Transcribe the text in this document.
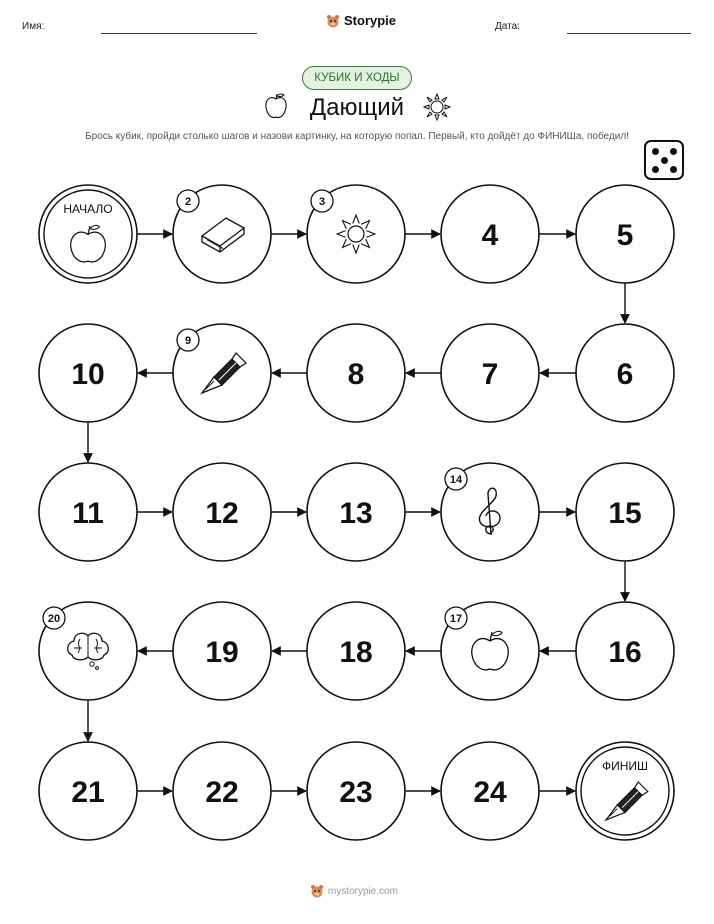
Имя:	Storypie	Дата:
КУБИК И ХОДЫ
Дающий
Брось кубик, пройди столько шагов и назови картинку, на которую попал. Первый, кто дойдёт до ФИНИШа, победил!
НАЧАЛО	2	3
4	5
6
7
8
9
10
11	12	13
14
15
16
17
18
19
20
21	22	23	24
ФИНИШ
mystorypie.com
